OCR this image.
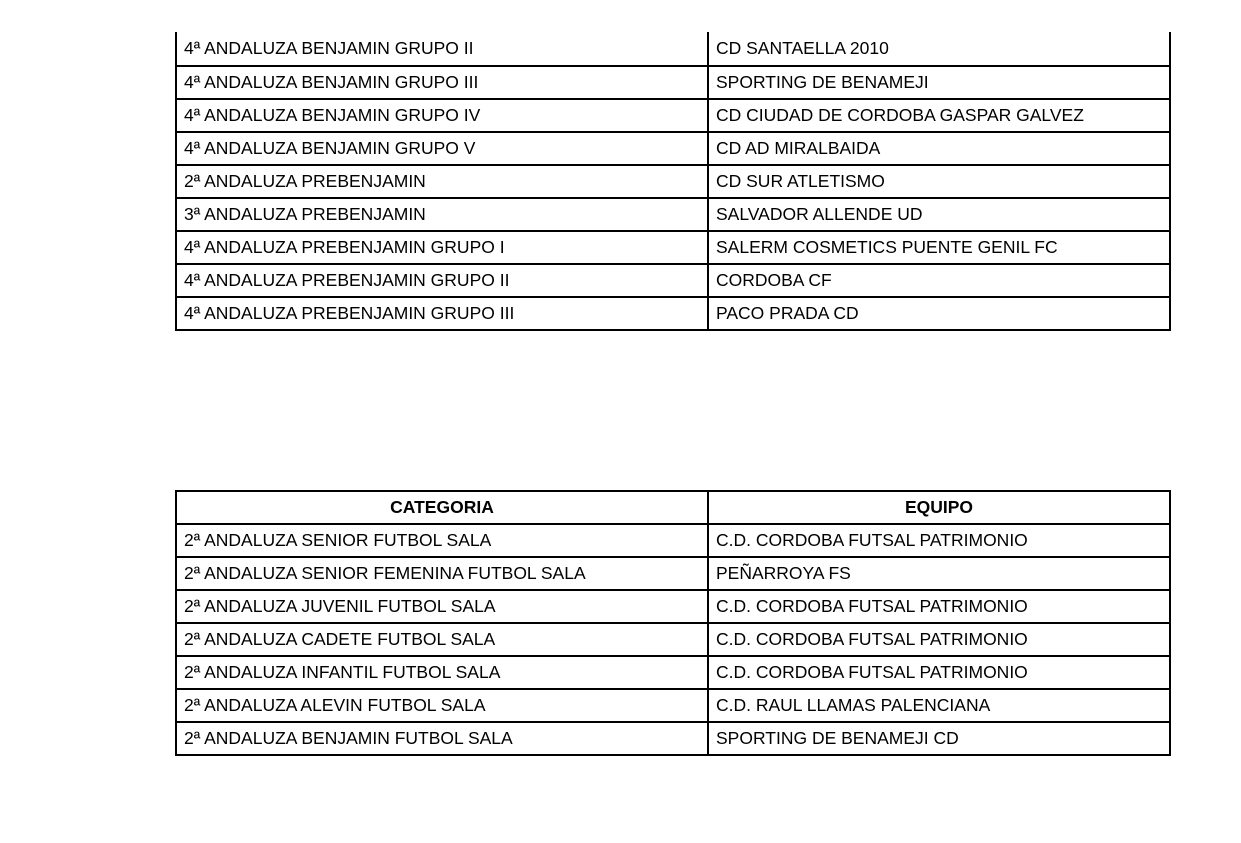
4ª ANDALUZA BENJAMIN GRUPO II	CD SANTAELLA 2010
4ª ANDALUZA BENJAMIN GRUPO III	SPORTING DE BENAMEJI
4ª ANDALUZA BENJAMIN GRUPO IV	CD CIUDAD DE CORDOBA GASPAR GALVEZ
4ª ANDALUZA BENJAMIN GRUPO V	CD AD MIRALBAIDA
2ª ANDALUZA PREBENJAMIN	CD SUR ATLETISMO
3ª ANDALUZA PREBENJAMIN	SALVADOR ALLENDE UD
4ª ANDALUZA PREBENJAMIN GRUPO I	SALERM COSMETICS PUENTE GENIL FC
4ª ANDALUZA PREBENJAMIN GRUPO II	CORDOBA CF
4ª ANDALUZA PREBENJAMIN GRUPO III	PACO PRADA CD
CATEGORIA	EQUIPO
2ª ANDALUZA SENIOR FUTBOL SALA	C.D. CORDOBA FUTSAL PATRIMONIO
2ª ANDALUZA SENIOR FEMENINA FUTBOL SALA	PEÑARROYA FS
2ª ANDALUZA JUVENIL FUTBOL SALA	C.D. CORDOBA FUTSAL PATRIMONIO
2ª ANDALUZA CADETE FUTBOL SALA	C.D. CORDOBA FUTSAL PATRIMONIO
2ª ANDALUZA INFANTIL FUTBOL SALA	C.D. CORDOBA FUTSAL PATRIMONIO
2ª ANDALUZA ALEVIN FUTBOL SALA	C.D. RAUL LLAMAS PALENCIANA
2ª ANDALUZA BENJAMIN FUTBOL SALA	SPORTING DE BENAMEJI CD
